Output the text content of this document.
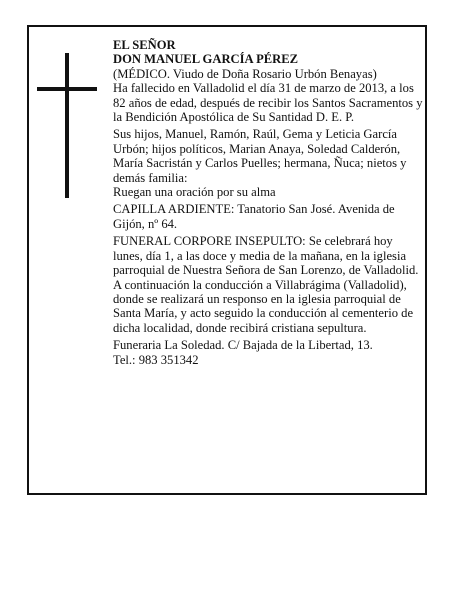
EL SEÑOR

DON MANUEL GARCÍA PÉREZ

(MÉDICO. Viudo de Doña Rosario Urbón Benayas)

Ha fallecido en Valladolid el día 31 de marzo de 2013, a los 82 años de edad, después de recibir los Santos Sacramentos y la Bendición Apostólica de Su Santidad D. E. P.

Sus hijos, Manuel, Ramón, Raúl, Gema y Leticia García Urbón; hijos políticos, Marian Anaya, Soledad Calderón, María Sacristán y Carlos Puelles; hermana, Ñuca; nietos y demás familia:

Ruegan una oración por su alma

CAPILLA ARDIENTE: Tanatorio San José. Avenida de Gijón, nº 64.

FUNERAL CORPORE INSEPULTO: Se celebrará hoy lunes, día 1, a las doce y media de la mañana, en la iglesia parroquial de Nuestra Señora de San Lorenzo, de Valladolid. A continuación la conducción a Villabrágima (Valladolid), donde se realizará un responso en la iglesia parroquial de Santa María, y acto seguido la conducción al cementerio de dicha localidad, donde recibirá cristiana sepultura.

Funeraria La Soledad. C/ Bajada de la Libertad, 13.

Tel.: 983 351342
